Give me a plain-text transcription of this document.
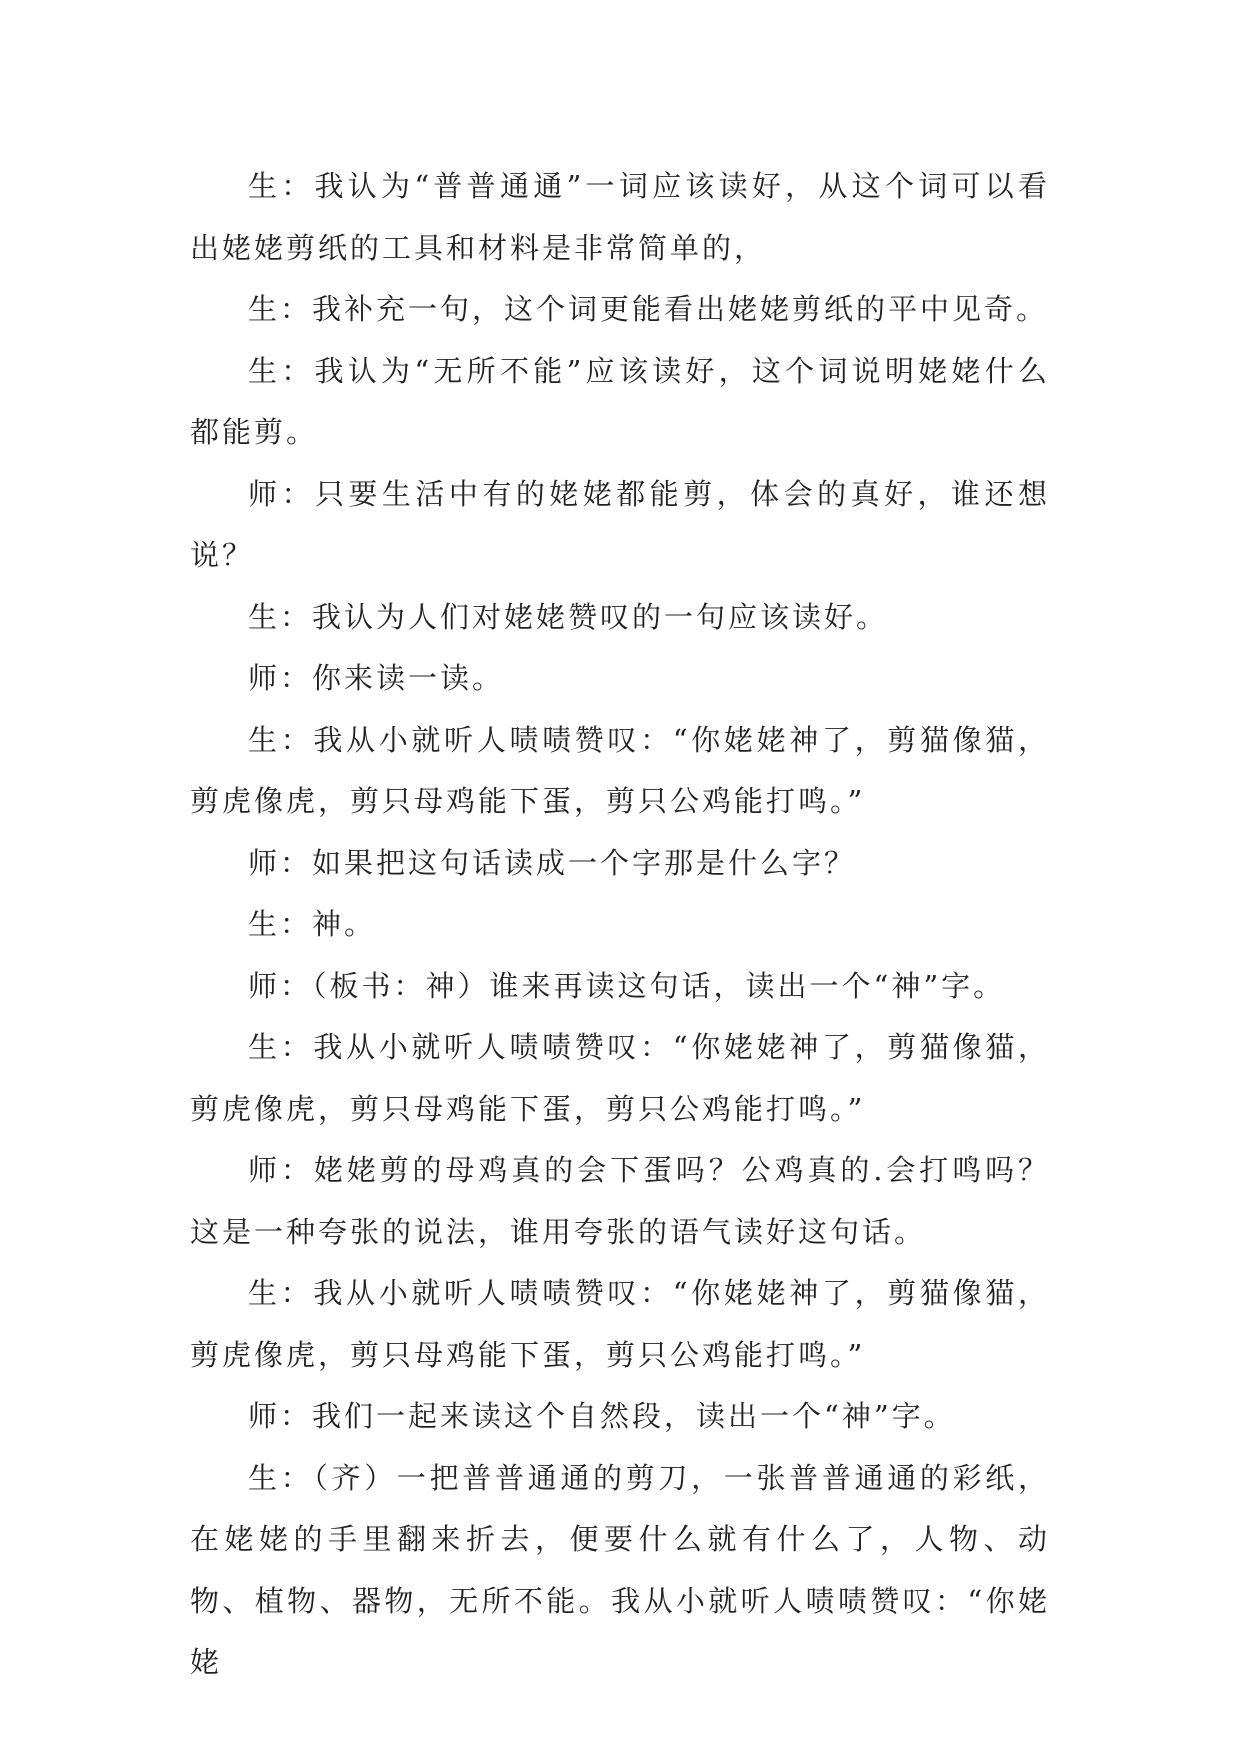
生：我认为“普普通通”一词应该读好，从这个词可以看出姥姥剪纸的工具和材料是非常简单的，

生：我补充一句，这个词更能看出姥姥剪纸的平中见奇。

生：我认为“无所不能”应该读好，这个词说明姥姥什么都能剪。

师：只要生活中有的姥姥都能剪，体会的真好，谁还想说？

生：我认为人们对姥姥赞叹的一句应该读好。

师：你来读一读。

生：我从小就听人啧啧赞叹：“你姥姥神了，剪猫像猫，剪虎像虎，剪只母鸡能下蛋，剪只公鸡能打鸣。”

师：如果把这句话读成一个字那是什么字？

生：神。

师：（板书：神）谁来再读这句话，读出一个“神”字。

生：我从小就听人啧啧赞叹：“你姥姥神了，剪猫像猫，剪虎像虎，剪只母鸡能下蛋，剪只公鸡能打鸣。”

师：姥姥剪的母鸡真的会下蛋吗？公鸡真的.会打鸣吗？这是一种夸张的说法，谁用夸张的语气读好这句话。

生：我从小就听人啧啧赞叹：“你姥姥神了，剪猫像猫，剪虎像虎，剪只母鸡能下蛋，剪只公鸡能打鸣。”

师：我们一起来读这个自然段，读出一个“神”字。

生：（齐）一把普普通通的剪刀，一张普普通通的彩纸，在姥姥的手里翻来折去，便要什么就有什么了，人物、动物、植物、器物，无所不能。我从小就听人啧啧赞叹：“你姥姥
